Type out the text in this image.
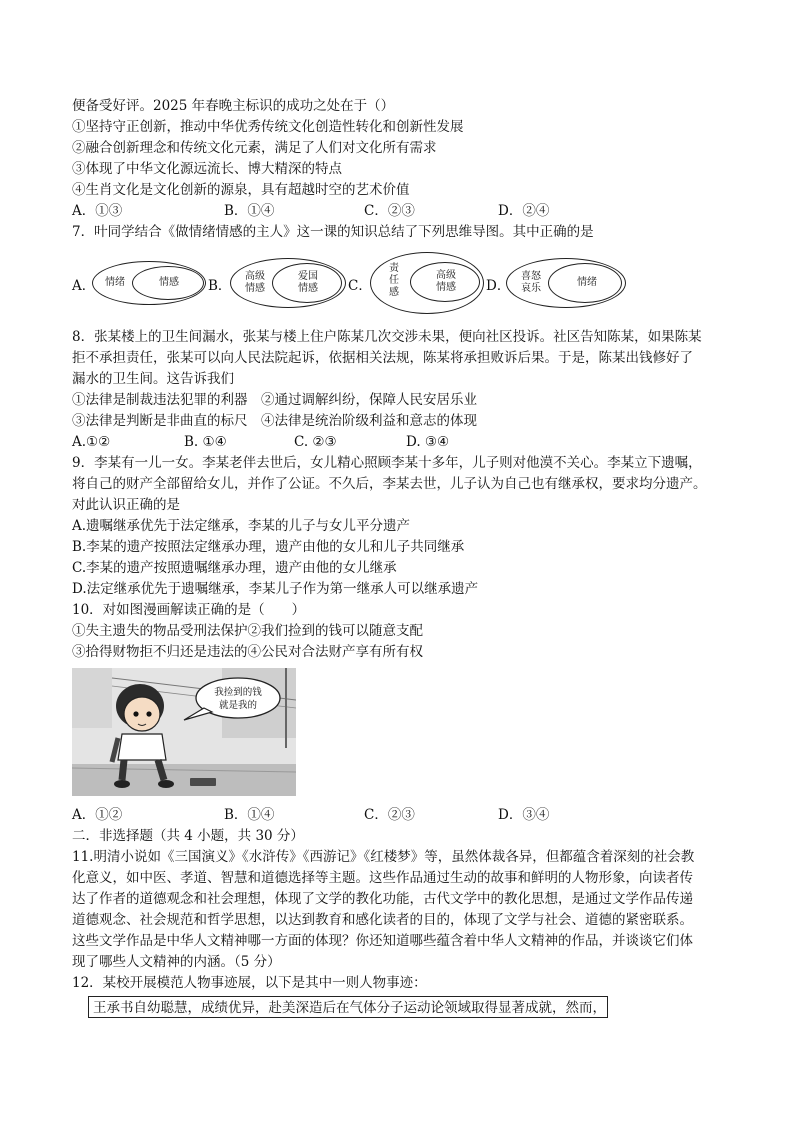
便备受好评。2025 年春晚主标识的成功之处在于（）
①坚持守正创新，推动中华优秀传统文化创造性转化和创新性发展
②融合创新理念和传统文化元素，满足了人们对文化所有需求
③体现了中华文化源远流长、博大精深的特点
④生肖文化是文化创新的源泉，具有超越时空的艺术价值
A．①③	B．①④	C．②③	D．②④
7．叶同学结合《做情绪情感的主人》这一课的知识总结了下列思维导图。其中正确的是
A． 情绪	情感	B．
高级
情感
爱国
情感	C．
责
任
感
高级
情感	D．
喜怒
哀乐
情绪
8．张某楼上的卫生间漏水，张某与楼上住户陈某几次交涉未果，便向社区投诉。社区告知陈某，如果陈某
拒不承担责任，张某可以向人民法院起诉，依据相关法规，陈某将承担败诉后果。于是，陈某出钱修好了
漏水的卫生间。这告诉我们
①法律是制裁违法犯罪的利器　②通过调解纠纷，保障人民安居乐业
③法律是判断是非曲直的标尺　④法律是统治阶级利益和意志的体现
A.①②	B. ①④	C. ②③	D. ③④
9．李某有一儿一女。李某老伴去世后，女儿精心照顾李某十多年，儿子则对他漠不关心。李某立下遗嘱，
将自己的财产全部留给女儿，并作了公证。不久后，李某去世，儿子认为自己也有继承权，要求均分遗产。
对此认识正确的是
A.遗嘱继承优先于法定继承，李某的儿子与女儿平分遗产
B.李某的遗产按照法定继承办理，遗产由他的女儿和儿子共同继承
C.李某的遗产按照遗嘱继承办理，遗产由他的女儿继承
D.法定继承优先于遗嘱继承，李某儿子作为第一继承人可以继承遗产
10．对如图漫画解读正确的是（　　）
①失主遗失的物品受刑法保护②我们捡到的钱可以随意支配
③拾得财物拒不归还是违法的④公民对合法财产享有所有权
我捡到的钱
就是我的
A．①②	B．①④	C．②③	D．③④
二．非选择题（共 4 小题，共 30 分）
11.明清小说如《三国演义》《水浒传》《西游记》《红楼梦》等，虽然体裁各异，但都蕴含着深刻的社会教
化意义，如中医、孝道、智慧和道德选择等主题。这些作品通过生动的故事和鲜明的人物形象，向读者传
达了作者的道德观念和社会理想，体现了文学的教化功能，古代文学中的教化思想，是通过文学作品传递
道德观念、社会规范和哲学思想，以达到教育和感化读者的目的，体现了文学与社会、道德的紧密联系。
这些文学作品是中华人文精神哪一方面的体现？你还知道哪些蕴含着中华人文精神的作品，并谈谈它们体
现了哪些人文精神的内涵。（5 分）
12．某校开展模范人物事迹展，以下是其中一则人物事迹：
王承书自幼聪慧，成绩优异，赴美深造后在气体分子运动论领域取得显著成就，然而，
